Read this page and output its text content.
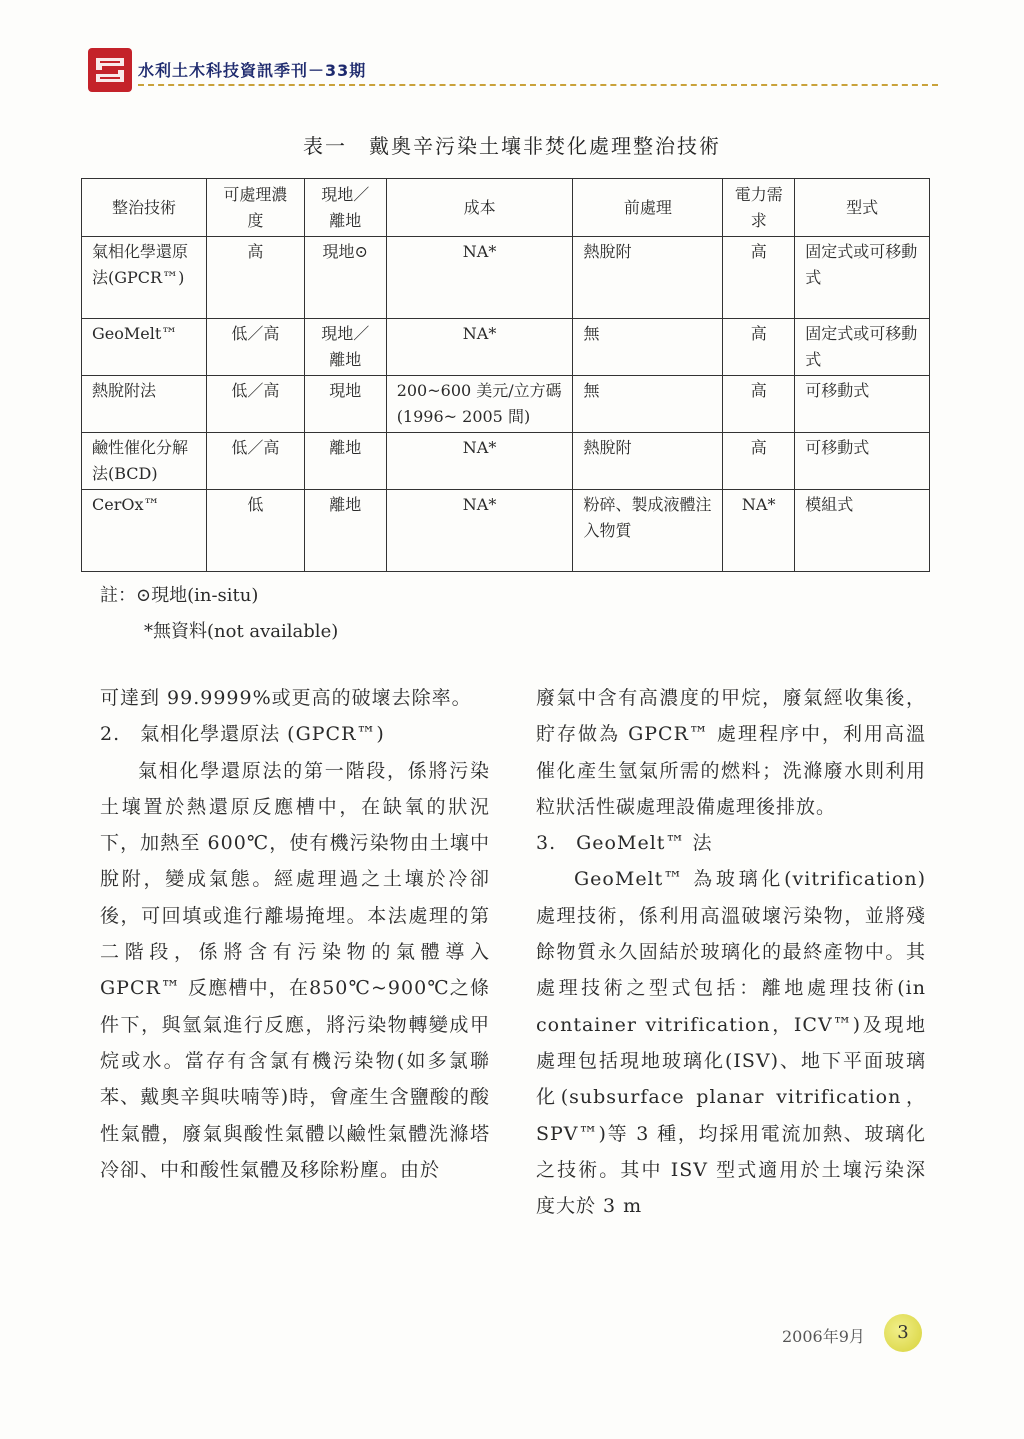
水利土木科技資訊季刊－33期
表一　戴奧辛污染土壤非焚化處理整治技術
整治技術	可處理濃度	現地／離地	成本	前處理	電力需求	型式
氣相化學還原法(GPCR™)	高	現地⊙	NA*	熱脫附	高	固定式或可移動式
GeoMelt™	低／高	現地／離地	NA*	無	高	固定式或可移動式
熱脫附法	低／高	現地	200~600 美元/立方碼(1996~ 2005 間)	無	高	可移動式
鹼性催化分解法(BCD)	低／高	離地	NA*	熱脫附	高	可移動式
CerOx™	低	離地	NA*	粉碎、製成液體注入物質	NA*	模組式
註：⊙現地(in-situ)
*無資料(not available)

可達到 99.9999%或更高的破壞去除率。

2.　氣相化學還原法 (GPCR™)

氣相化學還原法的第一階段，係將污染土壤置於熱還原反應槽中，在缺氧的狀況下，加熱至 600℃，使有機污染物由土壤中脫附，變成氣態。經處理過之土壤於冷卻後，可回填或進行離場掩埋。本法處理的第二階段，係將含有污染物的氣體導入 GPCR™ 反應槽中，在850℃~900℃之條件下，與氫氣進行反應，將污染物轉變成甲烷或水。當存有含氯有機污染物(如多氯聯苯、戴奧辛與呋喃等)時，會產生含鹽酸的酸性氣體，廢氣與酸性氣體以鹼性氣體洗滌塔冷卻、中和酸性氣體及移除粉塵。由於

廢氣中含有高濃度的甲烷，廢氣經收集後，貯存做為 GPCR™ 處理程序中，利用高溫催化產生氫氣所需的燃料；洗滌廢水則利用粒狀活性碳處理設備處理後排放。

3.　GeoMelt™ 法

GeoMelt™ 為玻璃化(vitrification)處理技術，係利用高溫破壞污染物，並將殘餘物質永久固結於玻璃化的最終產物中。其處理技術之型式包括：離地處理技術(in container vitrification，ICV™)及現地處理包括現地玻璃化(ISV)、地下平面玻璃化(subsurface planar vitrification，SPV™)等 3 種，均採用電流加熱、玻璃化之技術。其中 ISV 型式適用於土壤污染深度大於 3 m

2006年9月	3
